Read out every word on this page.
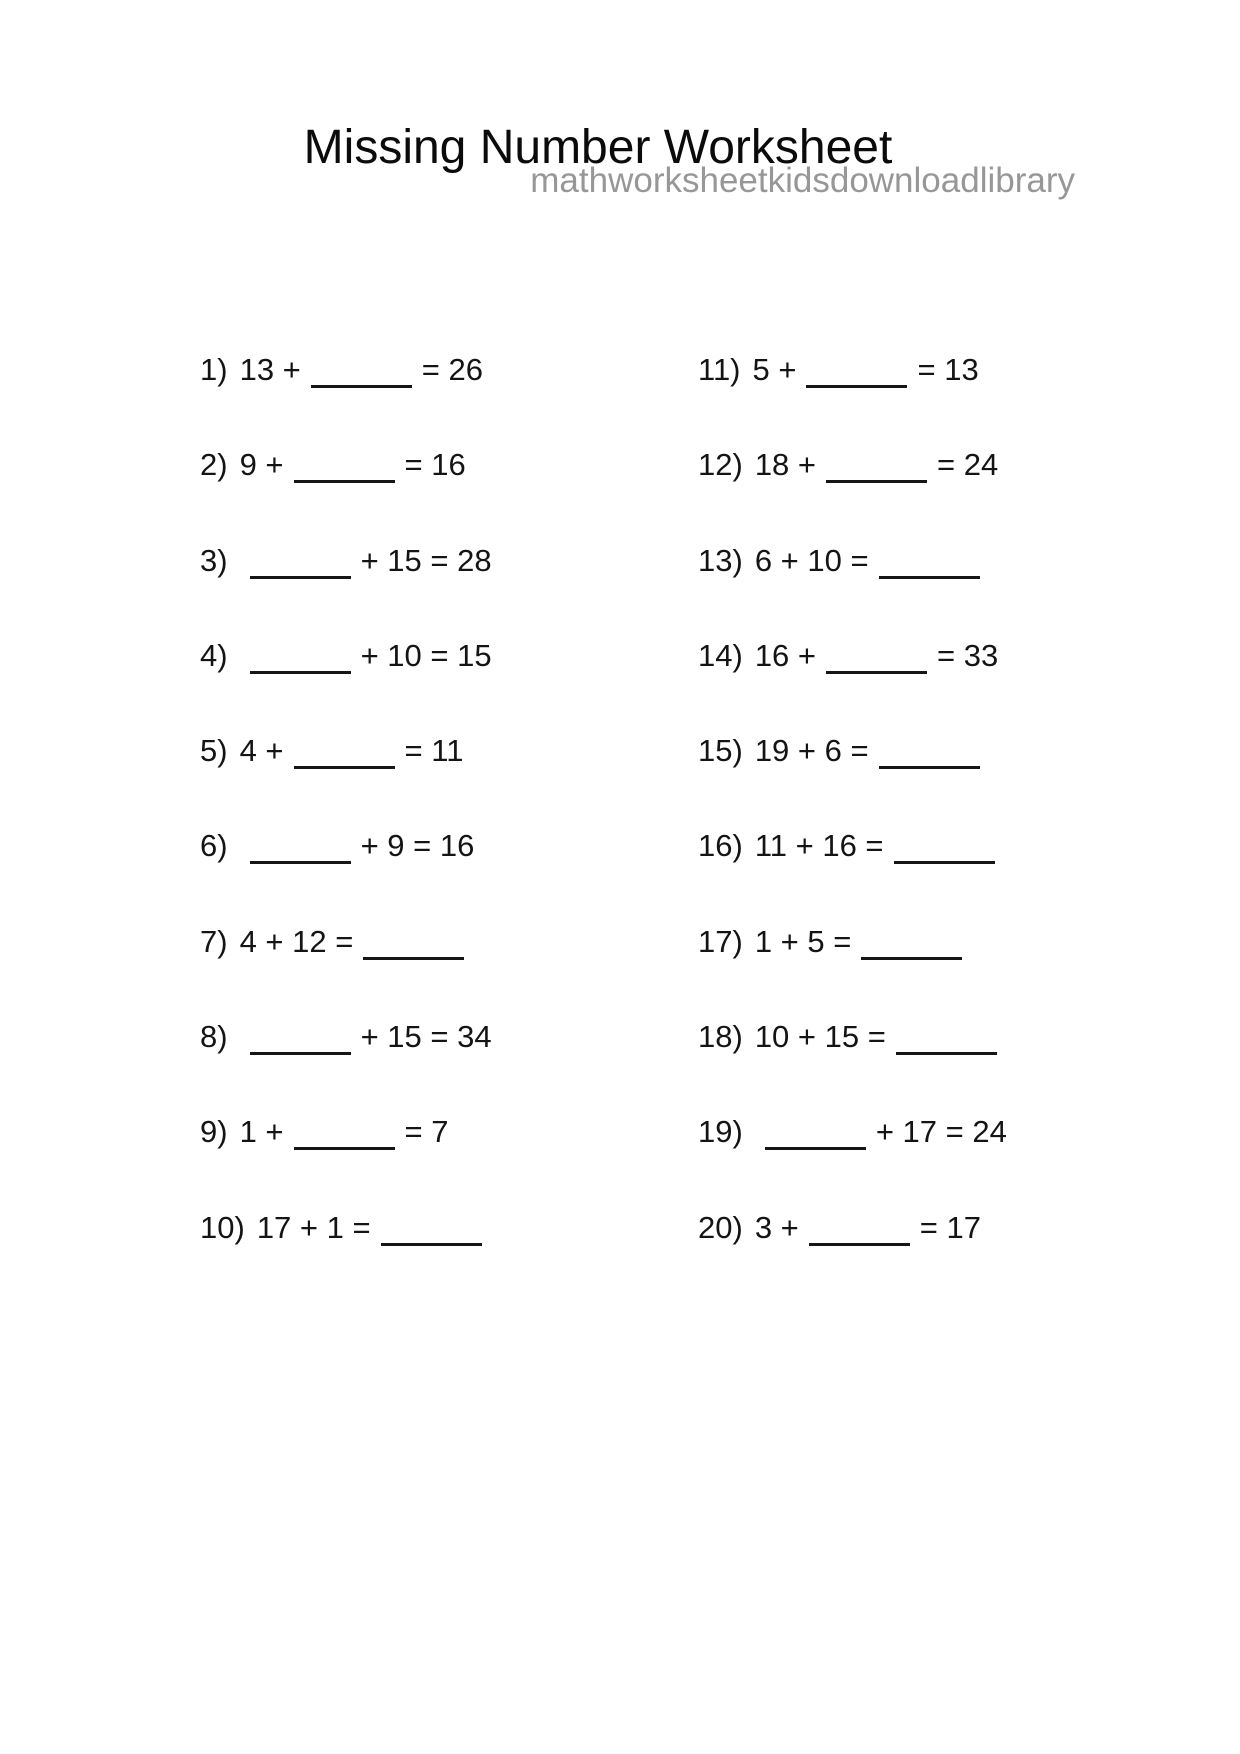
Missing Number Worksheet
mathworksheetkidsdownloadlibrary
1) 13 +	= 26
2) 9 +	= 16
3)	+ 15 = 28
4)	+ 10 = 15
5) 4 +	= 11
6)	+ 9 = 16
7) 4 + 12 =
8)	+ 15 = 34
9) 1 +	= 7
10) 17 + 1 =
11) 5 +	= 13
12) 18 +	= 24
13) 6 + 10 =
14) 16 +	= 33
15) 19 + 6 =
16) 11 + 16 =
17) 1 + 5 =
18) 10 + 15 =
19)	+ 17 = 24
20) 3 +	= 17
